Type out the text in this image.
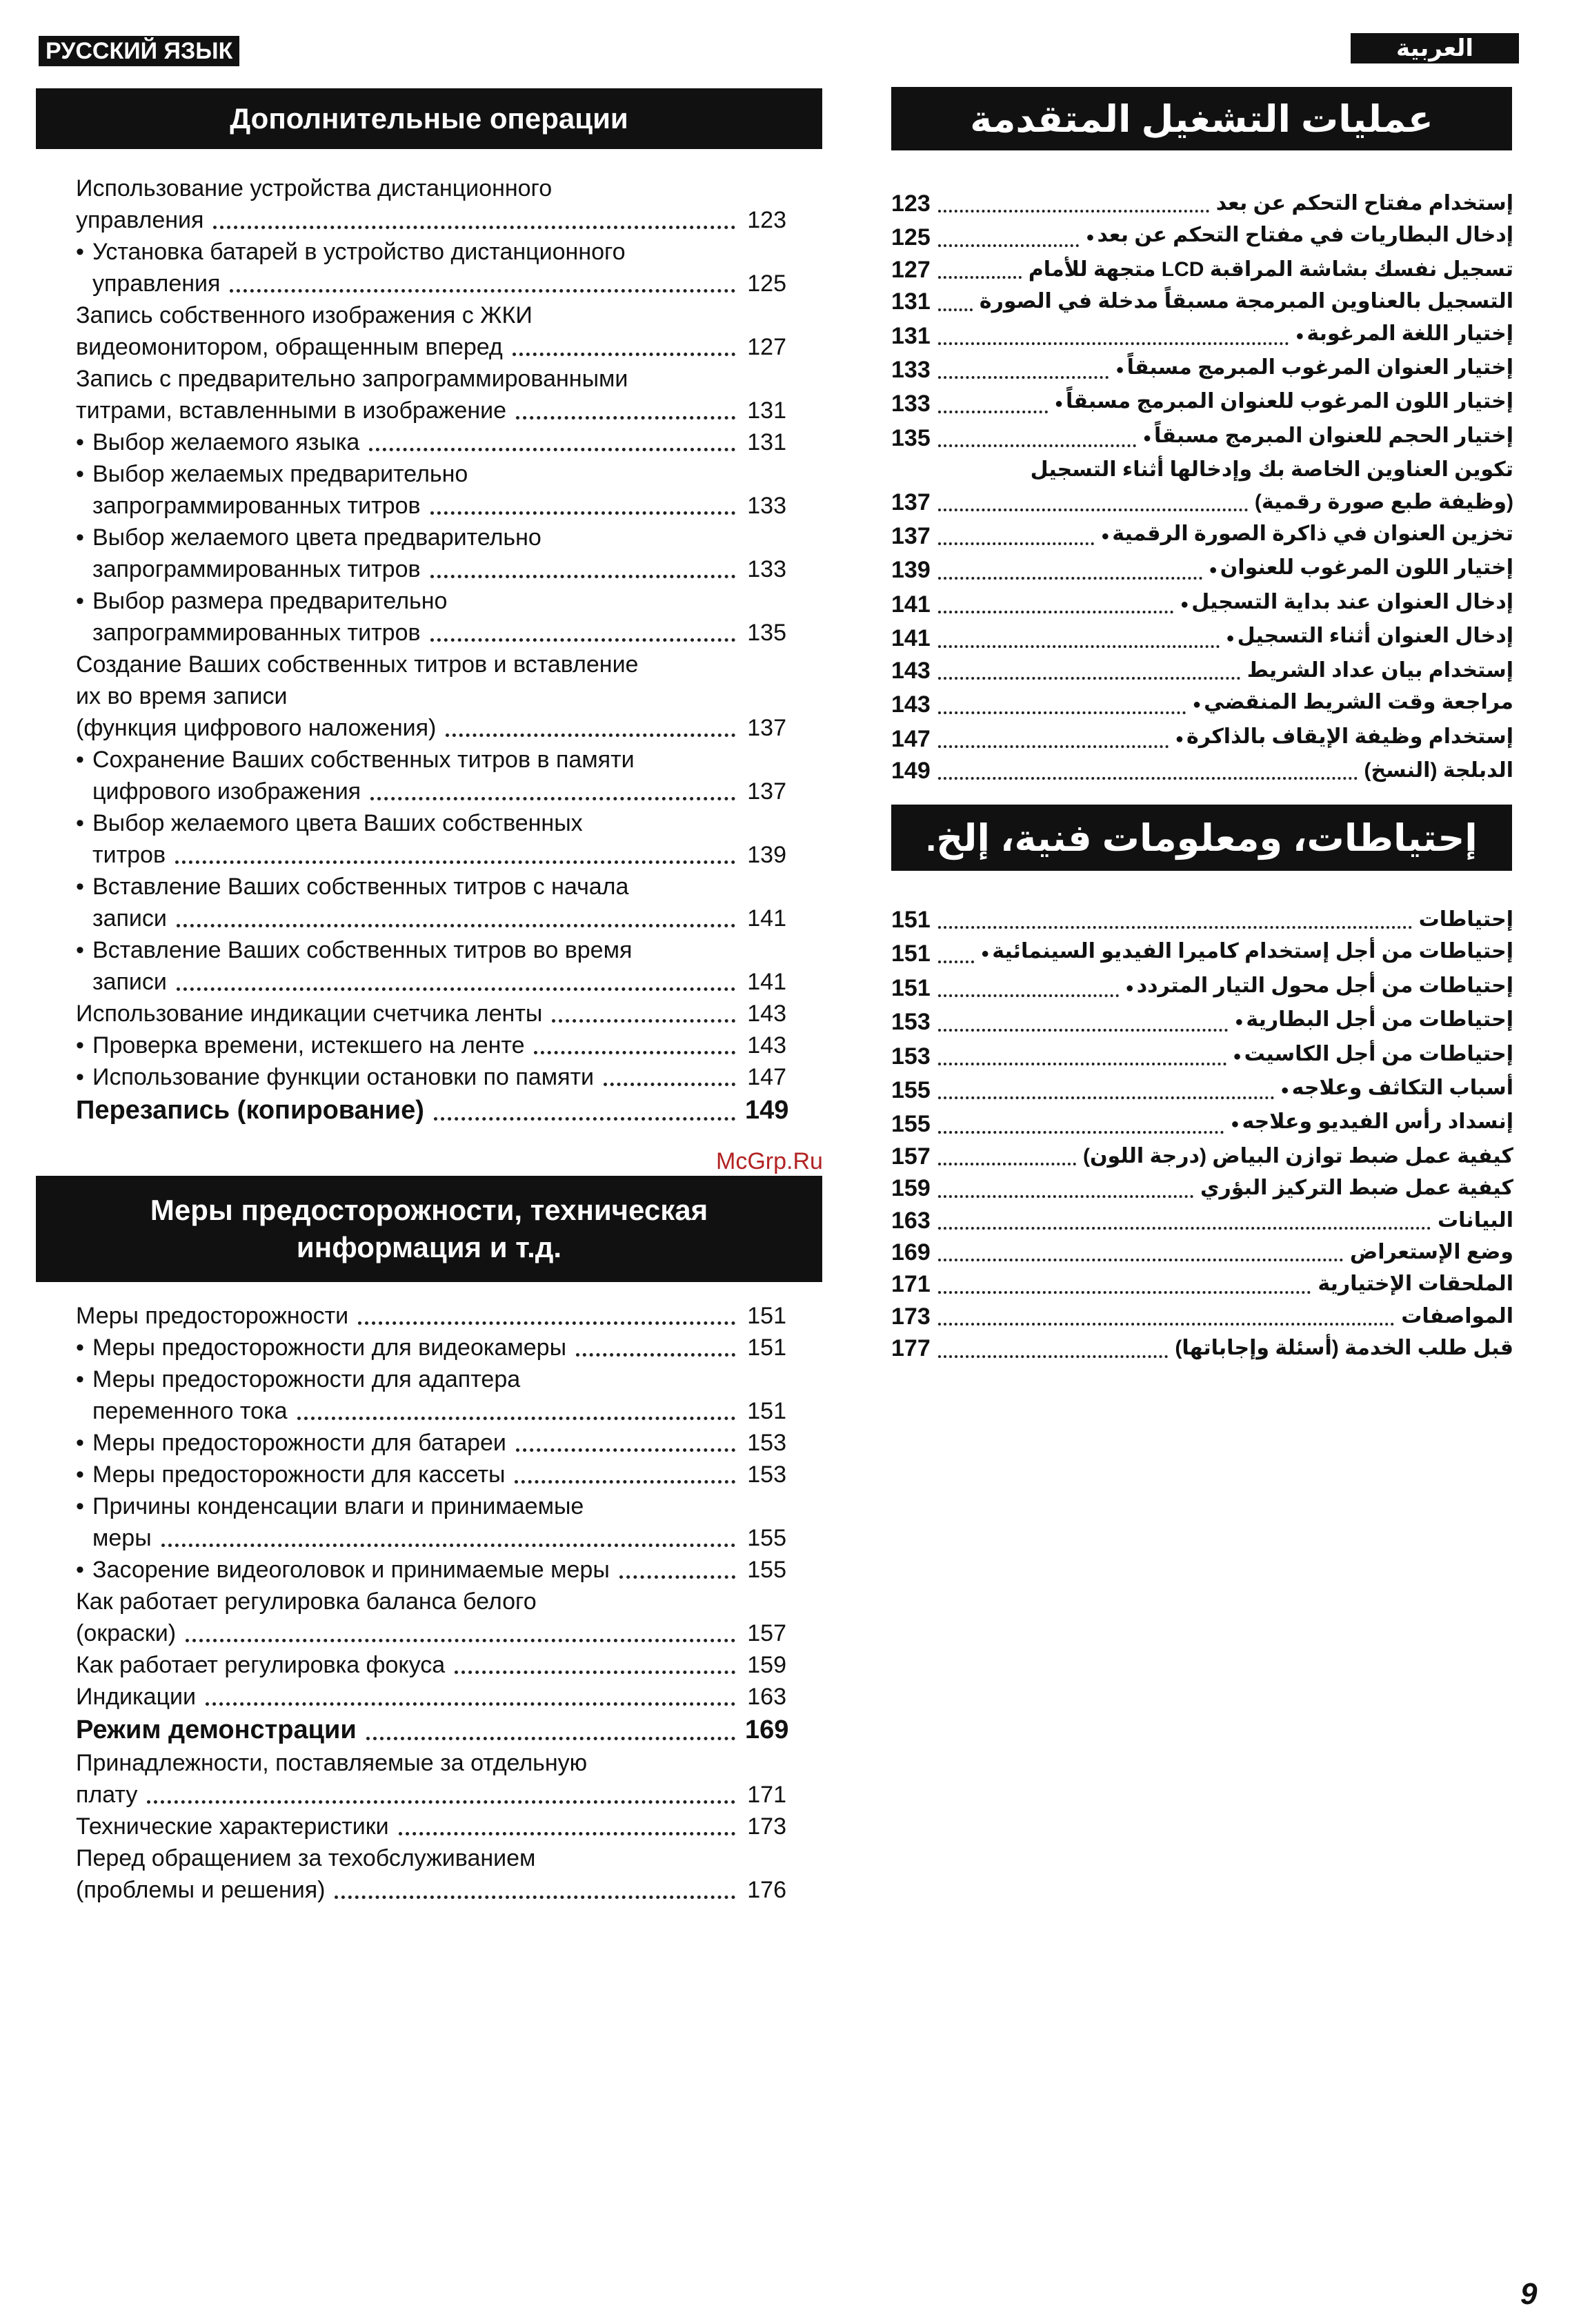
РУССКИЙ ЯЗЫК	العربية
Дополнительные операции
Использование устройства дистанционного
управления	123
• Установка батарей в устройство дистанционного
управления	125
Запись собственного изображения с ЖКИ
видеомонитором, обращенным вперед	127
Запись с предварительно запрограммированными
титрами, вставленными в изображение	131
• Выбор желаемого языка	131
• Выбор желаемых предварительно
запрограммированных титров	133
• Выбор желаемого цвета предварительно
запрограммированных титров	133
• Выбор размера предварительно
запрограммированных титров	135
Создание Ваших собственных титров и вставление
их во время записи
(функция цифрового наложения)	137
• Сохранение Ваших собственных титров в памяти
цифрового изображения	137
• Выбор желаемого цвета Ваших собственных
титров	139
• Вставление Ваших собственных титров с начала
записи	141
• Вставление Ваших собственных титров во время
записи	141
Использование индикации счетчика ленты	143
• Проверка времени, истекшего на ленте	143
• Использование функции остановки по памяти	147
Перезапись (копирование)	149
Меры предосторожности, техническая информация и т.д.
Меры предосторожности	151
• Меры предосторожности для видеокамеры	151
• Меры предосторожности для адаптера
переменного тока	151
• Меры предосторожности для батареи	153
• Меры предосторожности для кассеты	153
• Причины конденсации влаги и принимаемые
меры	155
• Засорение видеоголовок и принимаемые меры	155
Как работает регулировка баланса белого
(окраски)	157
Как работает регулировка фокуса	159
Индикации	163
Режим демонстрации	169
Принадлежности, поставляемые за отдельную
плату	171
Технические характеристики	173
Перед обращением за техобслуживанием
(проблемы и решения)	176
عمليات التشغيل المتقدمة
123	إستخدام مفتاح التحكم عن بعد
125	إدخال البطاريات في مفتاح التحكم عن بعد ●
127	تسجيل نفسك بشاشة المراقبة LCD متجهة للأمام
131 التسجيل بالعناوين المبرمجة مسبقاً مدخلة في الصورة
131	إختيار اللغة المرغوبة ●
133	إختيار العنوان المرغوب المبرمج مسبقاً ●
133	إختيار اللون المرغوب للعنوان المبرمج مسبقاً ●
135	إختيار الحجم للعنوان المبرمج مسبقاً ●
تكوين العناوين الخاصة بك وإدخالها أثناء التسجيل
137	(وظيفة طبع صورة رقمية)
137	تخزين العنوان في ذاكرة الصورة الرقمية ●
139	إختيار اللون المرغوب للعنوان ●
141	إدخال العنوان عند بداية التسجيل ●
141	إدخال العنوان أثناء التسجيل ●
143	إستخدام بيان عداد الشريط
143	مراجعة وقت الشريط المنقضي ●
147	إستخدام وظيفة الإيقاف بالذاكرة ●
149	الدبلجة (النسخ)
إحتياطات، ومعلومات فنية، إلخ.
151	إحتياطات
151	إحتياطات من أجل إستخدام كاميرا الفيديو السينمائية ●
151	إحتياطات من أجل محول التيار المتردد ●
153	إحتياطات من أجل البطارية ●
153	إحتياطات من أجل الكاسيت ●
155	أسباب التكاثف وعلاجه ●
155	إنسداد رأس الفيديو وعلاجه ●
157	كيفية عمل ضبط توازن البياض (درجة اللون)
159	كيفية عمل ضبط التركيز البؤري
163	البيانات
169	وضع الإستعراض
171	الملحقات الإختيارية
173	المواصفات
177	قبل طلب الخدمة (أسئلة وإجاباتها)
McGrp.Ru
9
